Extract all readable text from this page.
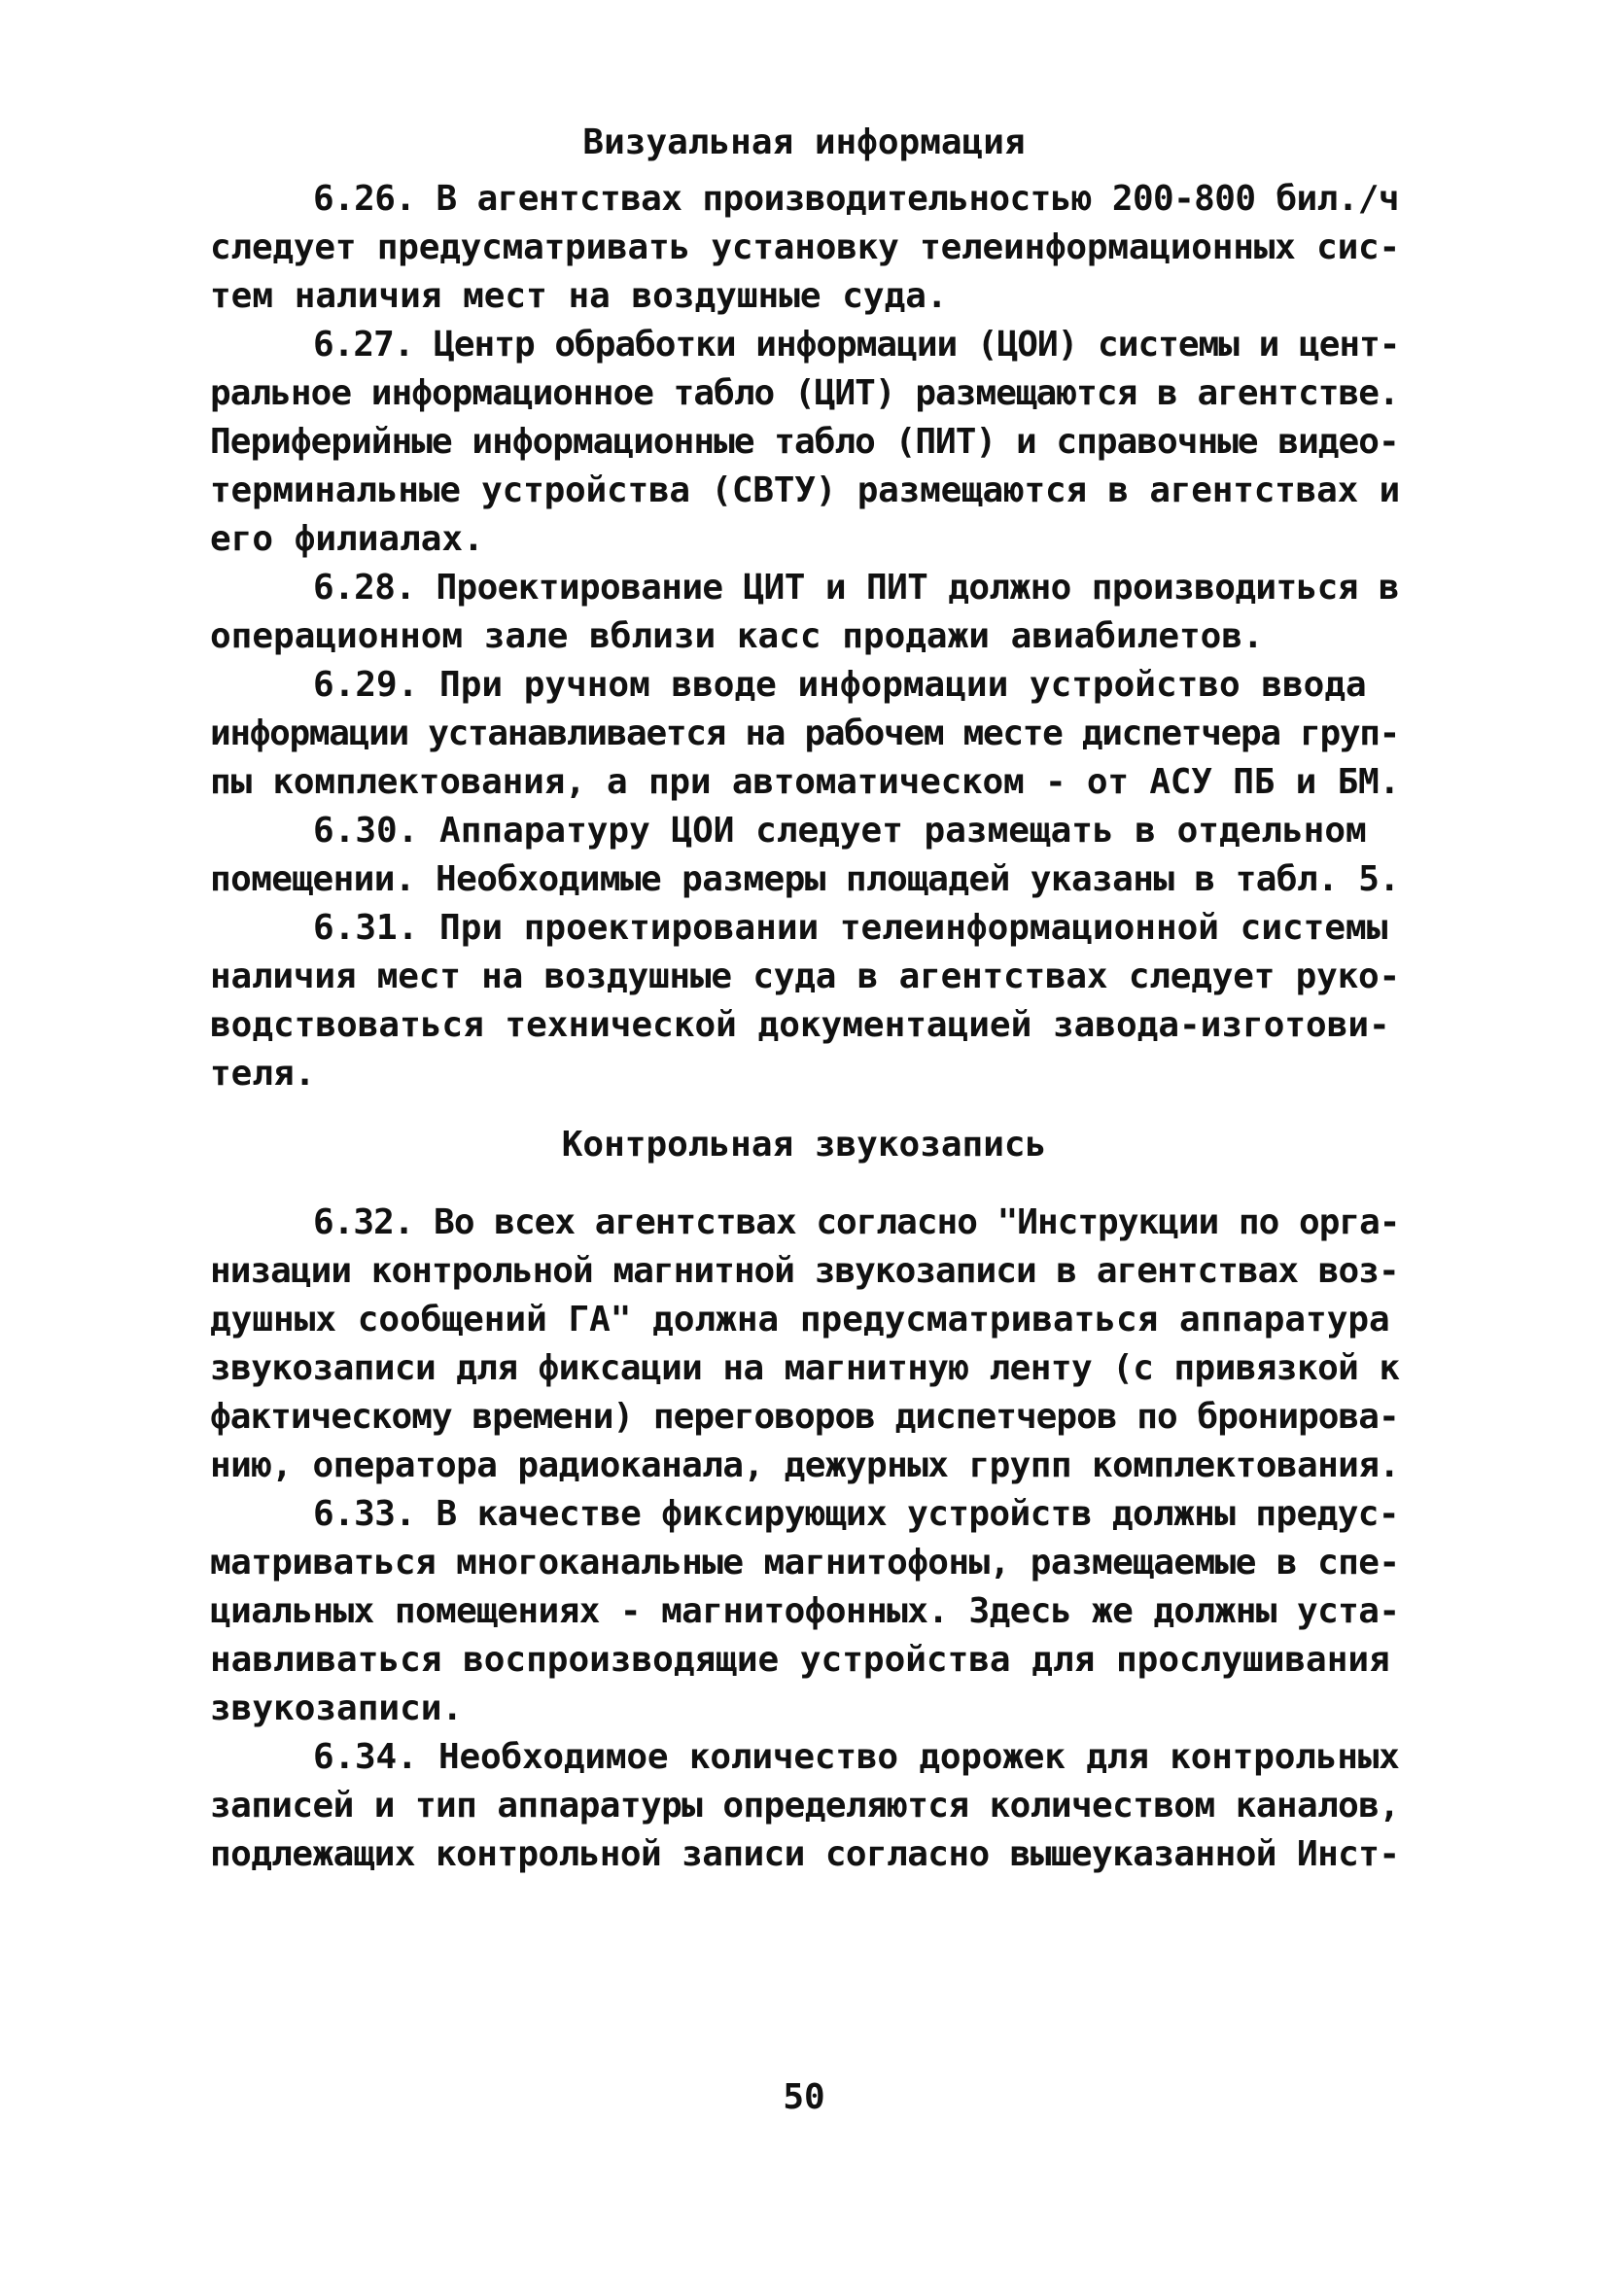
Визуальная информация
6.26. В агентствах производительностью 200-800 бил./ч
следует предусматривать установку телеинформационных сис-
тем наличия мест на воздушные суда.
6.27. Центр обработки информации (ЦОИ) системы и цент-
ральное информационное табло (ЦИТ) размещаются в агентстве.
Периферийные информационные табло (ПИТ) и справочные видео-
терминальные устройства (СВТУ) размещаются в агентствах и
его филиалах.
6.28. Проектирование ЦИТ и ПИТ должно производиться в
операционном зале вблизи касс продажи авиабилетов.
6.29. При ручном вводе информации устройство ввода
информации устанавливается на рабочем месте диспетчера груп-
пы комплектования, а при автоматическом - от АСУ ПБ и БМ.
6.30. Аппаратуру ЦОИ следует размещать в отдельном
помещении. Необходимые размеры площадей указаны в табл. 5.
6.31. При проектировании телеинформационной системы
наличия мест на воздушные суда в агентствах следует руко-
водствоваться технической документацией завода-изготови-
теля.
Контрольная звукозапись
6.32. Во всех агентствах согласно "Инструкции по орга-
низации контрольной магнитной звукозаписи в агентствах воз-
душных сообщений ГА" должна предусматриваться аппаратура
звукозаписи для фиксации на магнитную ленту (с привязкой к
фактическому времени) переговоров диспетчеров по бронирова-
нию, оператора радиоканала, дежурных групп комплектования.
6.33. В качестве фиксирующих устройств должны предус-
матриваться многоканальные магнитофоны, размещаемые в спе-
циальных помещениях - магнитофонных. Здесь же должны уста-
навливаться воспроизводящие устройства для прослушивания
звукозаписи.
6.34. Необходимое количество дорожек для контрольных
записей и тип аппаратуры определяются количеством каналов,
подлежащих контрольной записи согласно вышеуказанной Инст-
50
